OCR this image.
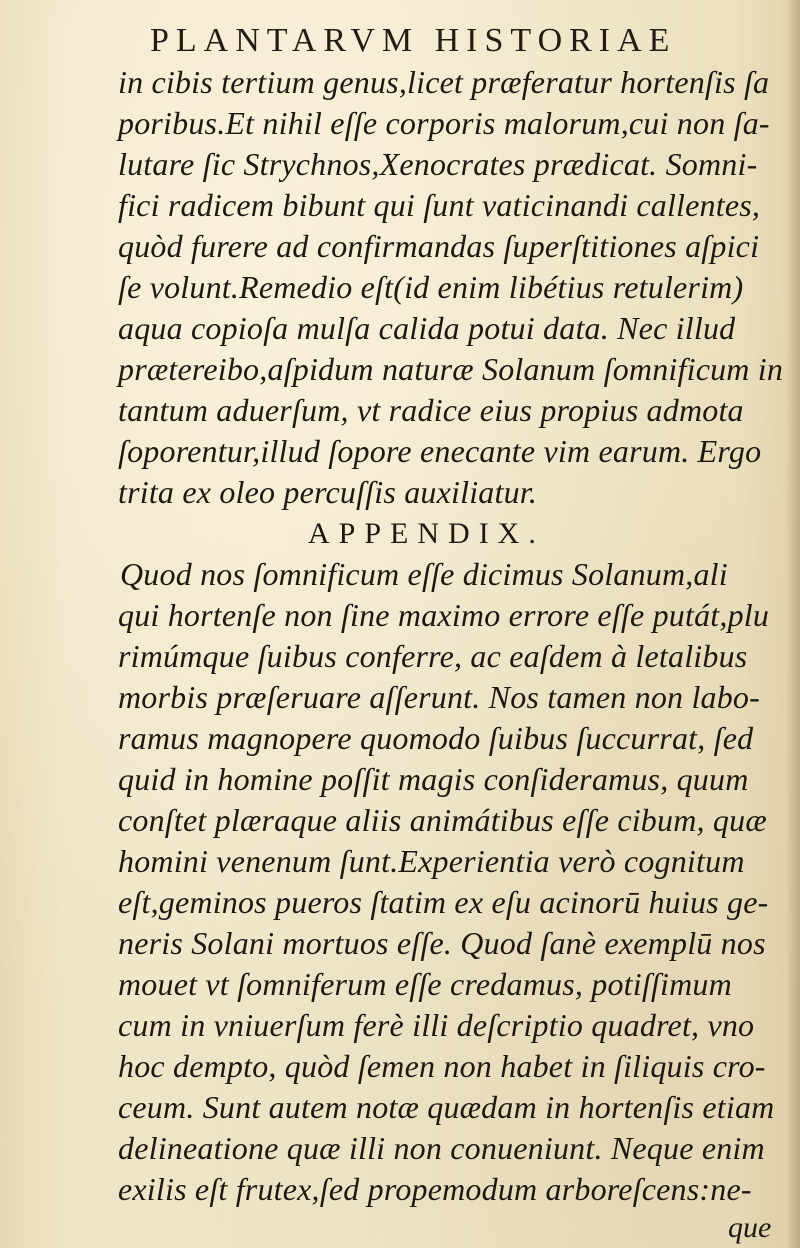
PLANTARVM HISTORIAE
in cibis tertium genus,licet præferatur hortenſis ſa
poribus.Et nihil eſſe corporis malorum,cui non ſa-
lutare ſic Strychnos,Xenocrates prædicat. Somni-
fici radicem bibunt qui ſunt vaticinandi callentes,
quòd furere ad confirmandas ſuperſtitiones aſpici
ſe volunt.Remedio eſt(id enim libétius retulerim)
aqua copioſa mulſa calida potui data. Nec illud
prætereibo,aſpidum naturæ Solanum ſomnificum in
tantum aduerſum, vt radice eius propius admota
ſoporentur,illud ſopore enecante vim earum. Ergo
trita ex oleo percuſſis auxiliatur.
APPENDIX.
Quod nos ſomnificum eſſe dicimus Solanum,ali
qui hortenſe non ſine maximo errore eſſe putát,plu
rimúmque ſuibus conferre, ac eaſdem à letalibus
morbis præſeruare aſſerunt. Nos tamen non labo-
ramus magnopere quomodo ſuibus ſuccurrat, ſed
quid in homine poſſit magis conſideramus, quum
conſtet plæraque aliis animátibus eſſe cibum, quæ
homini venenum ſunt.Experientia verò cognitum
eſt,geminos pueros ſtatim ex eſu acinorū huius ge-
neris Solani mortuos eſſe. Quod ſanè exemplū nos
mouet vt ſomniferum eſſe credamus, potiſſimum
cum in vniuerſum ferè illi deſcriptio quadret, vno
hoc dempto, quòd ſemen non habet in ſiliquis cro-
ceum. Sunt autem notæ quædam in hortenſis etiam
delineatione quæ illi non conueniunt. Neque enim
exilis eſt frutex,ſed propemodum arboreſcens:ne-
que
